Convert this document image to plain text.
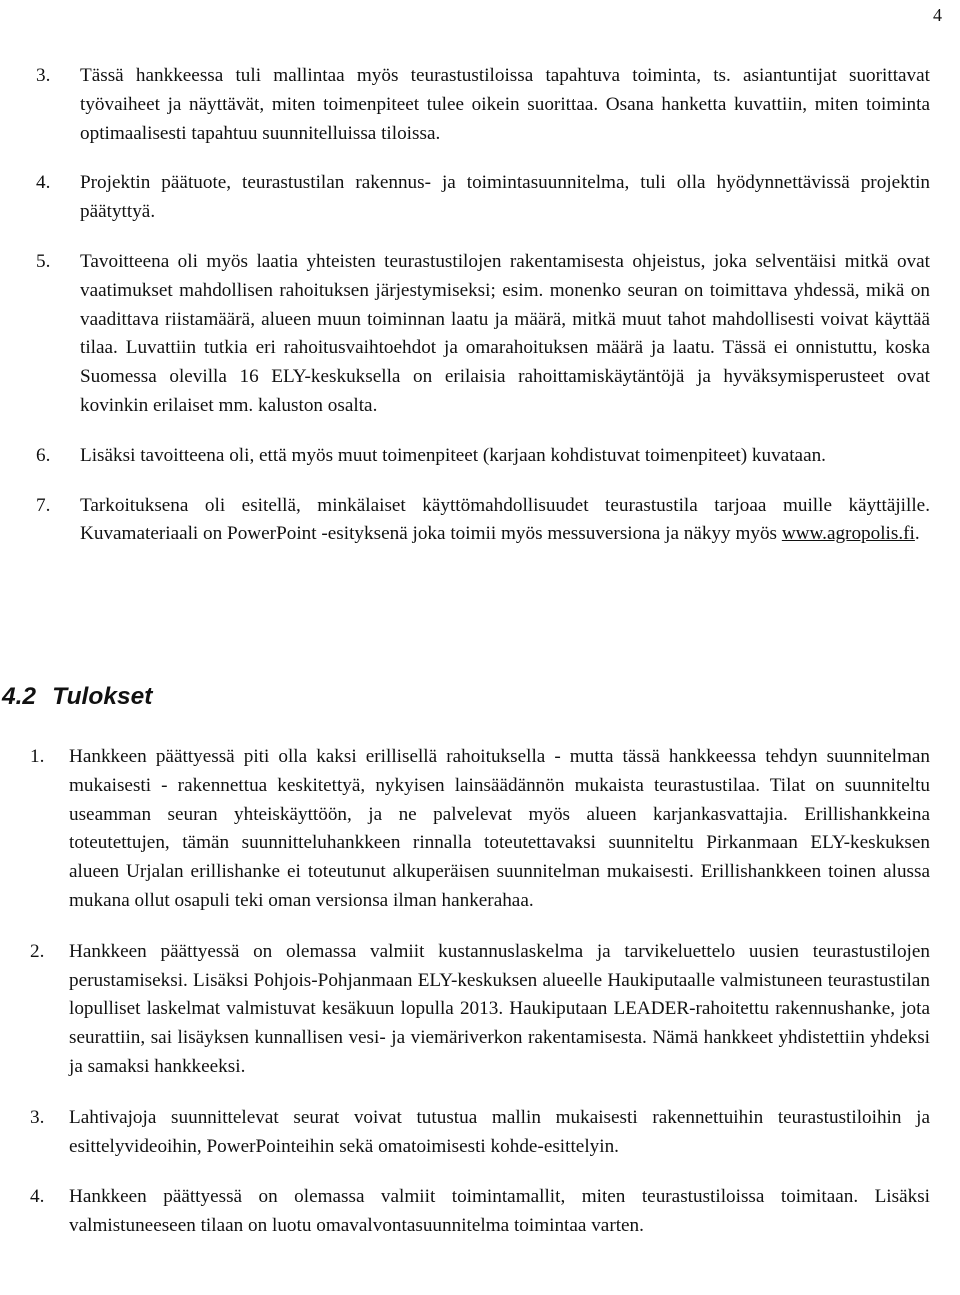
4
3. Tässä hankkeessa tuli mallintaa myös teurastustiloissa tapahtuva toiminta, ts. asiantuntijat suorittavat työvaiheet ja näyttävät, miten toimenpiteet tulee oikein suorittaa. Osana hanketta kuvattiin, miten toiminta optimaalisesti tapahtuu suunnitelluissa tiloissa.
4. Projektin päätuote, teurastustilan rakennus- ja toimintasuunnitelma, tuli olla hyödynnettävissä projektin päätyttyä.
5. Tavoitteena oli myös laatia yhteisten teurastustilojen rakentamisesta ohjeistus, joka selventäisi mitkä ovat vaatimukset mahdollisen rahoituksen järjestymiseksi; esim. monenko seuran on toimittava yhdessä, mikä on vaadittava riistamäärä, alueen muun toiminnan laatu ja määrä, mitkä muut tahot mahdollisesti voivat käyttää tilaa. Luvattiin tutkia eri rahoitusvaihtoehdot ja omarahoituksen määrä ja laatu. Tässä ei onnistuttu, koska Suomessa olevilla 16 ELY-keskuksella on erilaisia rahoittamiskäytäntöjä ja hyväksymisperusteet ovat kovinkin erilaiset mm. kaluston osalta.
6. Lisäksi tavoitteena oli, että myös muut toimenpiteet (karjaan kohdistuvat toimenpiteet) kuvataan.
7. Tarkoituksena oli esitellä, minkälaiset käyttömahdollisuudet teurastustila tarjoaa muille käyttäjille. Kuvamateriaali on PowerPoint -esityksenä joka toimii myös messuversiona ja näkyy myös www.agropolis.fi.
4.2 Tulokset
1. Hankkeen päättyessä piti olla kaksi erillisellä rahoituksella - mutta tässä hankkeessa tehdyn suunnitelman mukaisesti - rakennettua keskitettyä, nykyisen lainsäädännön mukaista teurastustilaa. Tilat on suunniteltu useamman seuran yhteiskäyttöön, ja ne palvelevat myös alueen karjankasvattajia. Erillishankkeina toteutettujen, tämän suunnitteluhankkeen rinnalla toteutettavaksi suunniteltu Pirkanmaan ELY-keskuksen alueen Urjalan erillishanke ei toteutunut alkuperäisen suunnitelman mukaisesti. Erillishankkeen toinen alussa mukana ollut osapuli teki oman versionsa ilman hankerahaa.
2. Hankkeen päättyessä on olemassa valmiit kustannuslaskelma ja tarvikeluettelo uusien teurastustilojen perustamiseksi. Lisäksi Pohjois-Pohjanmaan ELY-keskuksen alueelle Haukiputaalle valmistuneen teurastustilan lopulliset laskelmat valmistuvat kesäkuun lopulla 2013. Haukiputaan LEADER-rahoitettu rakennushanke, jota seurattiin, sai lisäyksen kunnallisen vesi- ja viemäriverkon rakentamisesta. Nämä hankkeet yhdistettiin yhdeksi ja samaksi hankkeeksi.
3. Lahtivajoja suunnittelevat seurat voivat tutustua mallin mukaisesti rakennettuihin teurastustiloihin ja esittelyvideoihin, PowerPointeihin sekä omatoimisesti kohde-esittelyin.
4. Hankkeen päättyessä on olemassa valmiit toimintamallit, miten teurastustiloissa toimitaan. Lisäksi valmistuneeseen tilaan on luotu omavalvontasuunnitelma toimintaa varten.
